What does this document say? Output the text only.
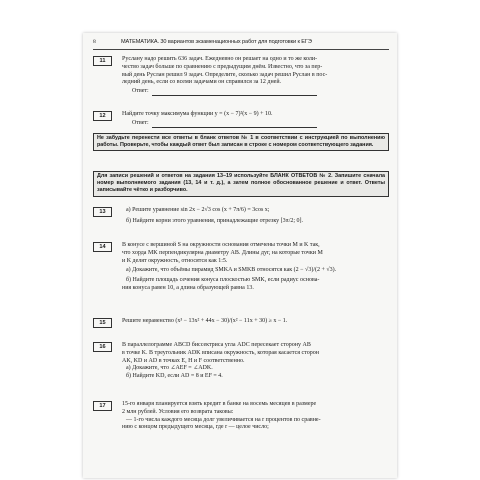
8	МАТЕМАТИКА. 30 вариантов экзаменационных работ для подготовки к ЕГЭ
11	Руслану надо решить 636 задач. Ежедневно он решает на одно и то же коли-
чество задач больше по сравнению с предыдущим днём. Известно, что за пер-
вый день Руслан решил 9 задач. Определите, сколько задач решил Руслан в пос-
ледний день, если со всеми задачами он справился за 12 дней.
Ответ:
12	Найдите точку максимума функции y = (x − 7)²(x − 9) + 10.
Ответ:
Не забудьте перенести все ответы в бланк ответов № 1 в соответствии с инструкцией по выполнению работы. Проверьте, чтобы каждый ответ был записан в строке с номером соответствующего задания.
Для записи решений и ответов на задания 13–19 используйте БЛАНК ОТВЕТОВ № 2. Запишите сначала номер выполняемого задания (13, 14 и т. д.), а затем полное обоснованное решение и ответ. Ответы записывайте чётко и разборчиво.
13	а) Решите уравнение sin 2x − 2√3 cos (x + 7π/6) = 3cos x;
б) Найдите корни этого уравнения, принадлежащие отрезку [3π/2; 0].
14	В конусе с вершиной S на окружности основания отмечены точки M и K так,
что хорда MK перпендикулярна диаметру AB. Длины дуг, на которые точки M
и K делят окружность, относятся как 1:5.
а) Докажите, что объёмы пирамид SMKA и SMKB относятся как (2 − √3)/(2 + √3).
б) Найдите площадь сечения конуса плоскостью SMK, если радиус основа-
ния конуса равен 10, а длина образующей равна 13.
15	Решите неравенство (x³ − 13x² + 44x − 30)/(x² − 11x + 30) ≥ x − 1.
16	В параллелограмме ABCD биссектриса угла ADC пересекает сторону AB
в точке K. В треугольник ADK вписана окружность, которая касается сторон
AK, KD и AD в точках E, H и F соответственно.
а) Докажите, что ∠AEF = ∠ADK.
б) Найдите KD, если AD = 8 и EF = 4.
17	15-го января планируется взять кредит в банке на восемь месяцев в размере
2 млн рублей. Условия его возврата таковы:
— 1-го числа каждого месяца долг увеличивается на r процентов по сравне-
нию с концом предыдущего месяца, где r — целое число;
